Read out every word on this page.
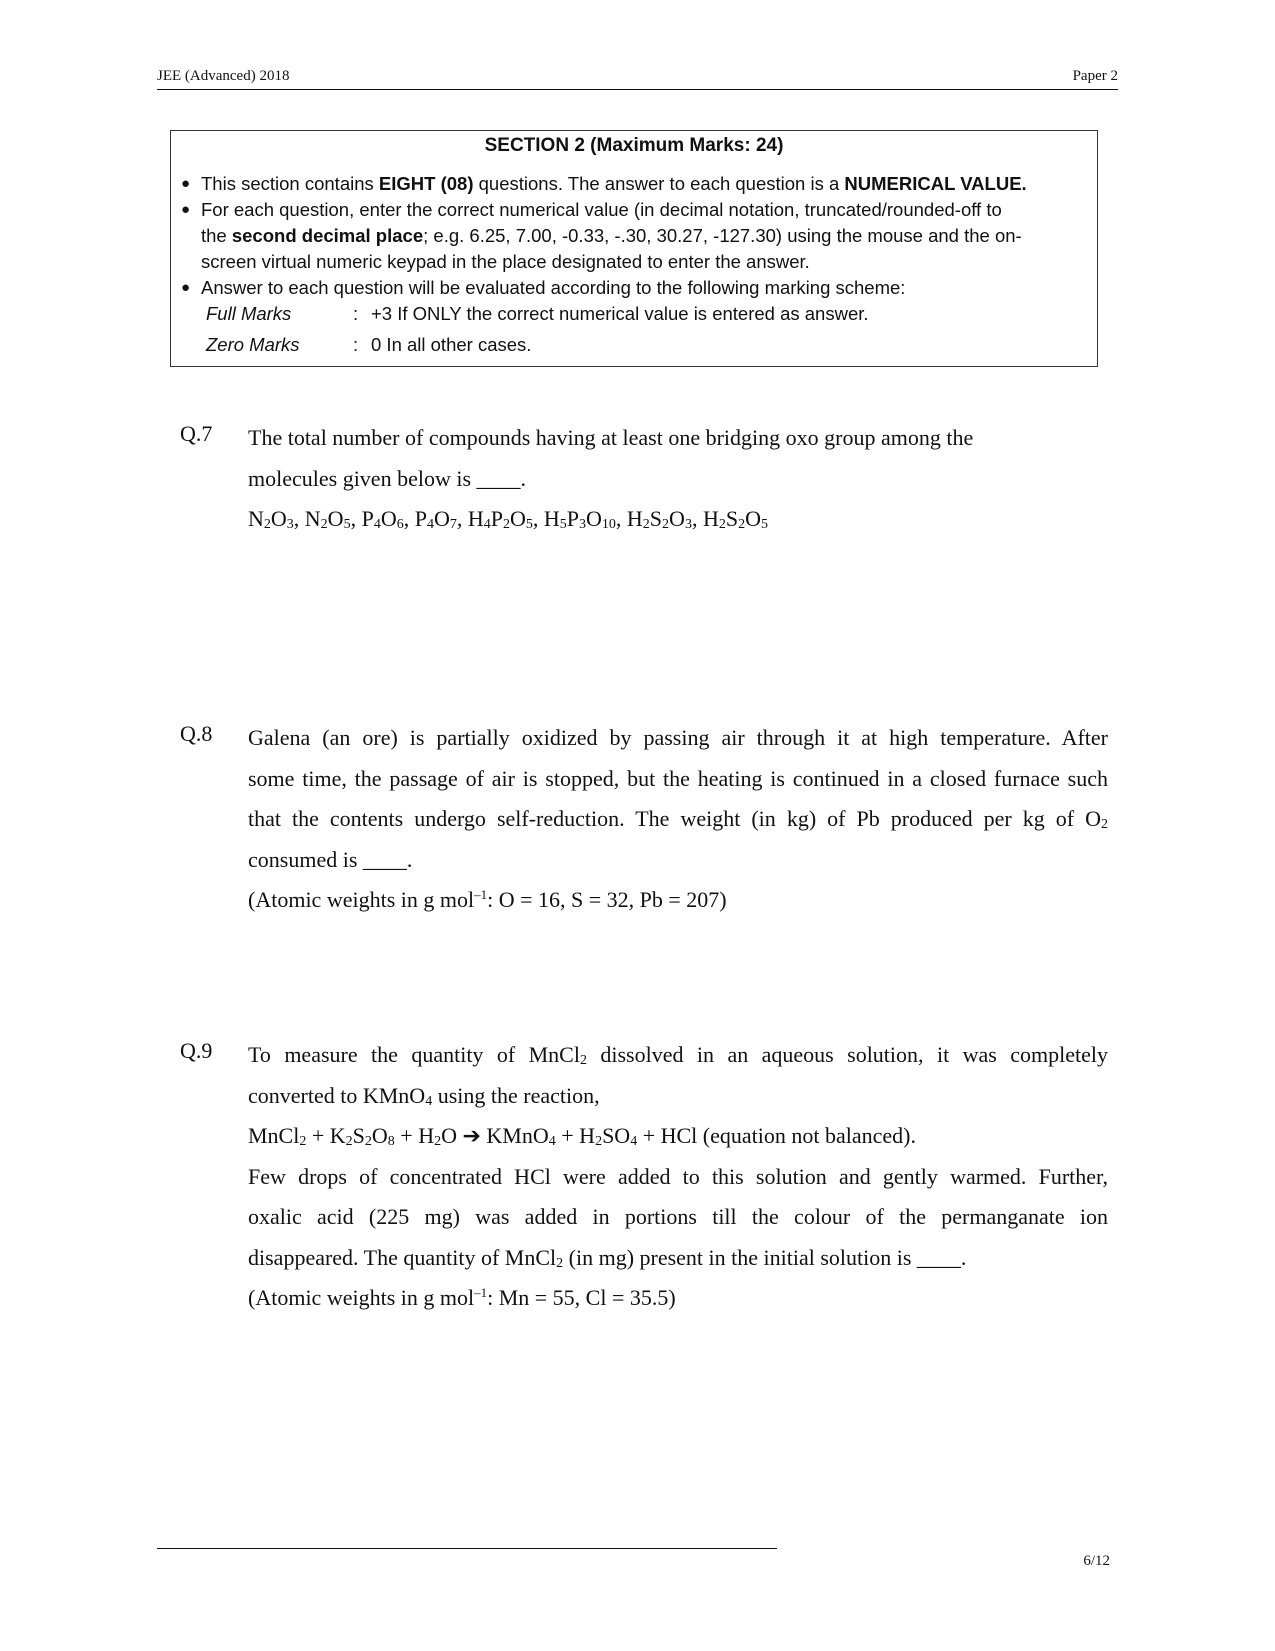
JEE (Advanced) 2018	Paper 2
SECTION 2 (Maximum Marks: 24)
● This section contains EIGHT (08) questions. The answer to each question is a NUMERICAL VALUE.
● For each question, enter the correct numerical value (in decimal notation, truncated/rounded-off to
the second decimal place; e.g. 6.25, 7.00, -0.33, -.30, 30.27, -127.30) using the mouse and the on-
screen virtual numeric keypad in the place designated to enter the answer.
● Answer to each question will be evaluated according to the following marking scheme:
Full Marks	: +3 If ONLY the correct numerical value is entered as answer.
Zero Marks	: 0 In all other cases.
Q.7 The total number of compounds having at least one bridging oxo group among the
molecules given below is ____.
$N_2O_3$, $N_2O_5$, $P_4O_6$, $P_4O_7$, $H_4P_2O_5$, $H_5P_3O_{10}$, $H_2S_2O_3$, $H_2S_2O_5$
Q.8 Galena (an ore) is partially oxidized by passing air through it at high temperature. After
some time, the passage of air is stopped, but the heating is continued in a closed furnace such
that the contents undergo self-reduction. The weight (in kg) of Pb produced per kg of $O_2$
consumed is ____.
(Atomic weights in g mol$^{-1}$: O = 16, S = 32, Pb = 207)
Q.9 To measure the quantity of MnCl$_2$ dissolved in an aqueous solution, it was completely
converted to KMnO$_4$ using the reaction,
MnCl$_2$ + $K_2S_2O_8 + H_2O$ ➔ KMnO$_4$ + $H_2SO_4$ + HCl (equation not balanced).
Few drops of concentrated HCl were added to this solution and gently warmed. Further,
oxalic acid (225 mg) was added in portions till the colour of the permanganate ion
disappeared. The quantity of MnCl$_2$ (in mg) present in the initial solution is ____.
(Atomic weights in g mol$^{-1}$: Mn = 55, Cl = 35.5)
6/12
